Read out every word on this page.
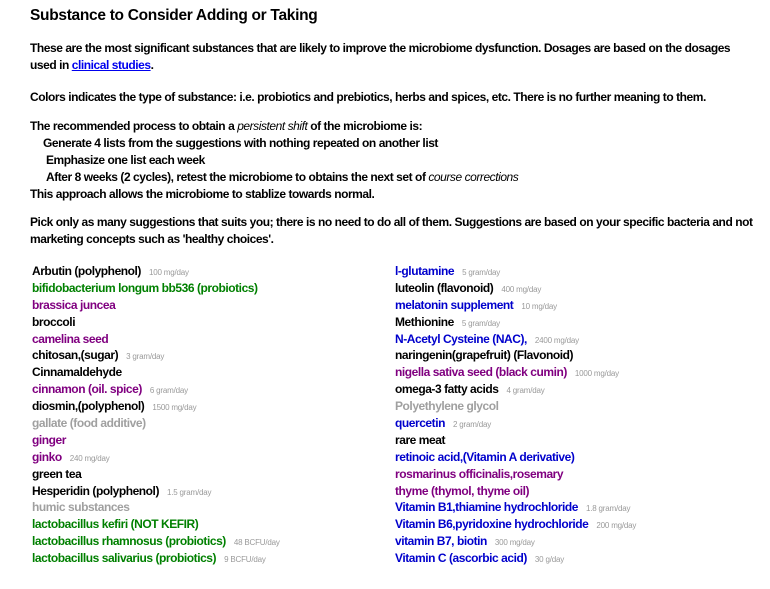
Substance to Consider Adding or Taking

These are the most significant substances that are likely to improve the microbiome dysfunction. Dosages are based on the dosages used in clinical studies.

Colors indicates the type of substance: i.e. probiotics and prebiotics, herbs and spices, etc. There is no further meaning to them.

The recommended process to obtain a persistent shift of the microbiome is:
Generate 4 lists from the suggestions with nothing repeated on another list
Emphasize one list each week
After 8 weeks (2 cycles), retest the microbiome to obtains the next set of course corrections
This approach allows the microbiome to stablize towards normal.

Pick only as many suggestions that suits you; there is no need to do all of them. Suggestions are based on your specific bacteria and not marketing concepts such as 'healthy choices'.

Arbutin (polyphenol) 100 mg/day
bifidobacterium longum bb536 (probiotics)
brassica juncea
broccoli
camelina seed
chitosan,(sugar) 3 gram/day
Cinnamaldehyde
cinnamon (oil. spice) 6 gram/day
diosmin,(polyphenol) 1500 mg/day
gallate (food additive)
ginger
ginko 240 mg/day
green tea
Hesperidin (polyphenol) 1.5 gram/day
humic substances
lactobacillus kefiri (NOT KEFIR)
lactobacillus rhamnosus (probiotics) 48 BCFU/day
lactobacillus salivarius (probiotics) 9 BCFU/day
l-glutamine 5 gram/day
luteolin (flavonoid) 400 mg/day
melatonin supplement 10 mg/day
Methionine 5 gram/day
N-Acetyl Cysteine (NAC), 2400 mg/day
naringenin(grapefruit) (Flavonoid)
nigella sativa seed (black cumin) 1000 mg/day
omega-3 fatty acids 4 gram/day
Polyethylene glycol
quercetin 2 gram/day
rare meat
retinoic acid,(Vitamin A derivative)
rosmarinus officinalis,rosemary
thyme (thymol, thyme oil)
Vitamin B1,thiamine hydrochloride 1.8 gram/day
Vitamin B6,pyridoxine hydrochloride 200 mg/day
vitamin B7, biotin 300 mg/day
Vitamin C (ascorbic acid) 30 g/day
